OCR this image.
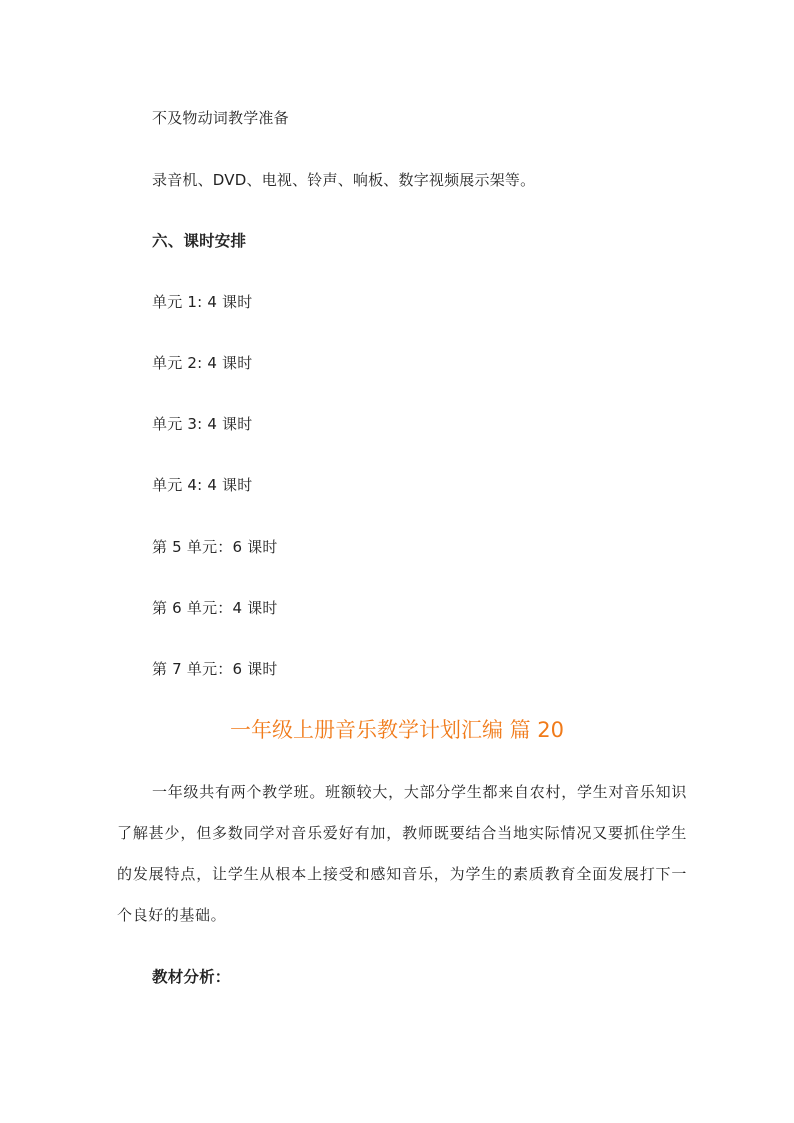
不及物动词教学准备
录音机、DVD、电视、铃声、响板、数字视频展示架等。
六、课时安排
单元 1: 4 课时
单元 2: 4 课时
单元 3: 4 课时
单元 4: 4 课时
第 5 单元：6 课时
第 6 单元：4 课时
第 7 单元：6 课时
一年级上册音乐教学计划汇编 篇 20
一年级共有两个教学班。班额较大，大部分学生都来自农村，学生对音乐知识了解甚少，但多数同学对音乐爱好有加，教师既要结合当地实际情况又要抓住学生的发展特点，让学生从根本上接受和感知音乐，为学生的素质教育全面发展打下一个良好的基础。
教材分析：
